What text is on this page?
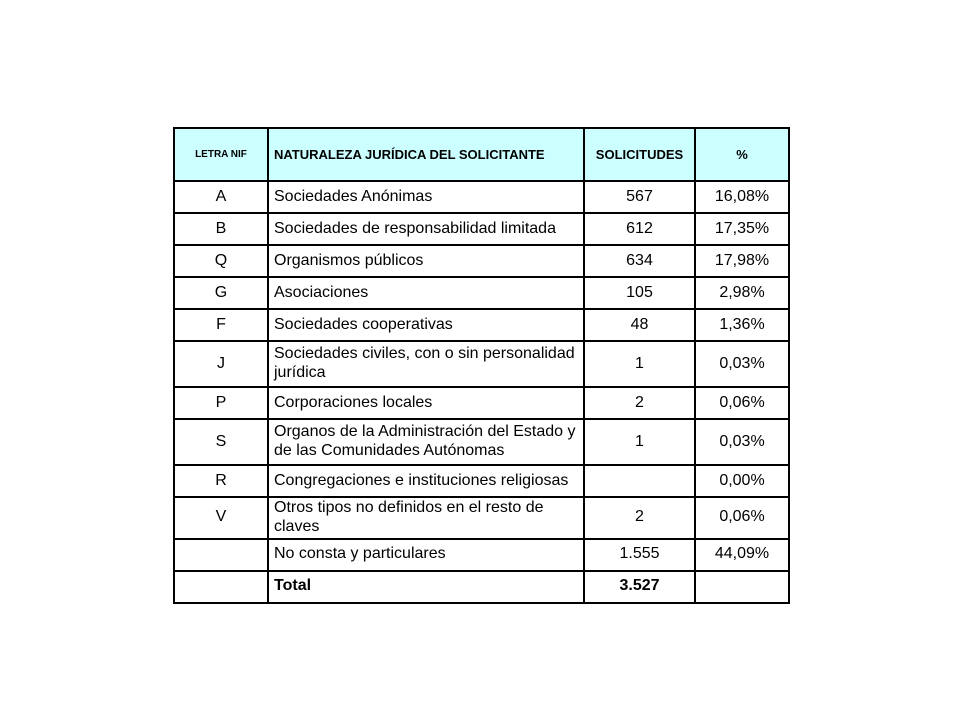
LETRA NIF	NATURALEZA JURÍDICA DEL SOLICITANTE	SOLICITUDES	%
A	Sociedades Anónimas	567	16,08%
B	Sociedades de responsabilidad limitada	612	17,35%
Q	Organismos públicos	634	17,98%
G	Asociaciones	105	2,98%
F	Sociedades cooperativas	48	1,36%
J	Sociedades civiles, con o sin personalidad jurídica	1	0,03%
P	Corporaciones locales	2	0,06%
S	Organos de la Administración del Estado y de las Comunidades Autónomas	1	0,03%
R	Congregaciones e instituciones religiosas		0,00%
V	Otros tipos no definidos en el resto de claves	2	0,06%
	No consta y particulares	1.555	44,09%
	Total	3.527	
